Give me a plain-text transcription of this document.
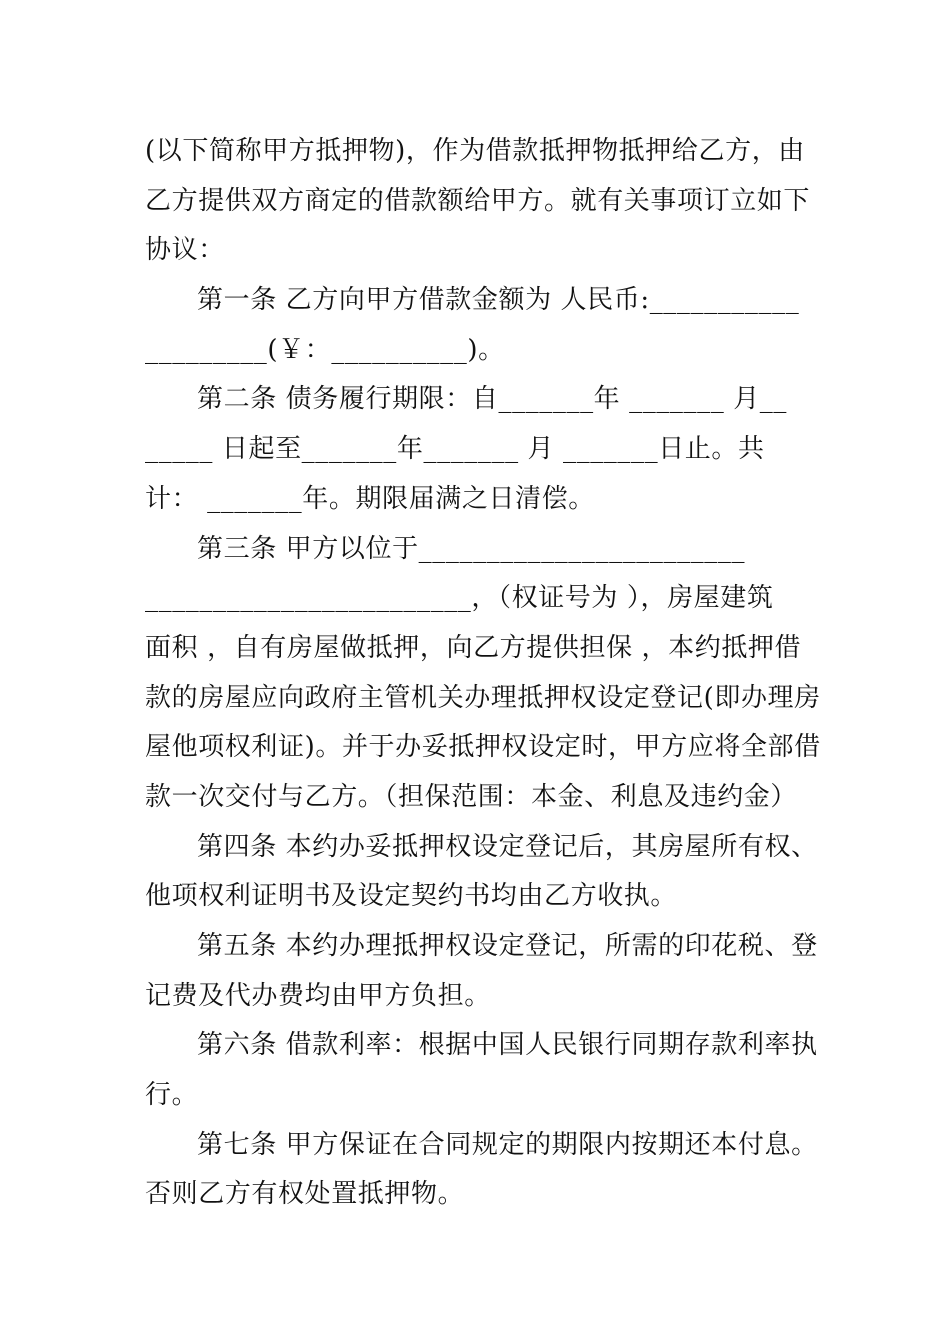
(以下简称甲方抵押物)，作为借款抵押物抵押给乙方，由
乙方提供双方商定的借款额给甲方。就有关事项订立如下
协议：
第一条 乙方向甲方借款金额为 人民币:___________
_________(￥：__________)。
第二条 债务履行期限：自_______年 _______ 月__
_____ 日起至_______年_______ 月 _______日止。共
计： _______年。期限届满之日清偿。
第三条 甲方以位于________________________
________________________，（权证号为 ），房屋建筑
面积 ，自有房屋做抵押，向乙方提供担保 ，本约抵押借
款的房屋应向政府主管机关办理抵押权设定登记(即办理房
屋他项权利证)。并于办妥抵押权设定时，甲方应将全部借
款一次交付与乙方。（担保范围：本金、利息及违约金）
第四条 本约办妥抵押权设定登记后，其房屋所有权、
他项权利证明书及设定契约书均由乙方收执。
第五条 本约办理抵押权设定登记，所需的印花税、登
记费及代办费均由甲方负担。
第六条 借款利率：根据中国人民银行同期存款利率执
行。
第七条 甲方保证在合同规定的期限内按期还本付息。
否则乙方有权处置抵押物。
